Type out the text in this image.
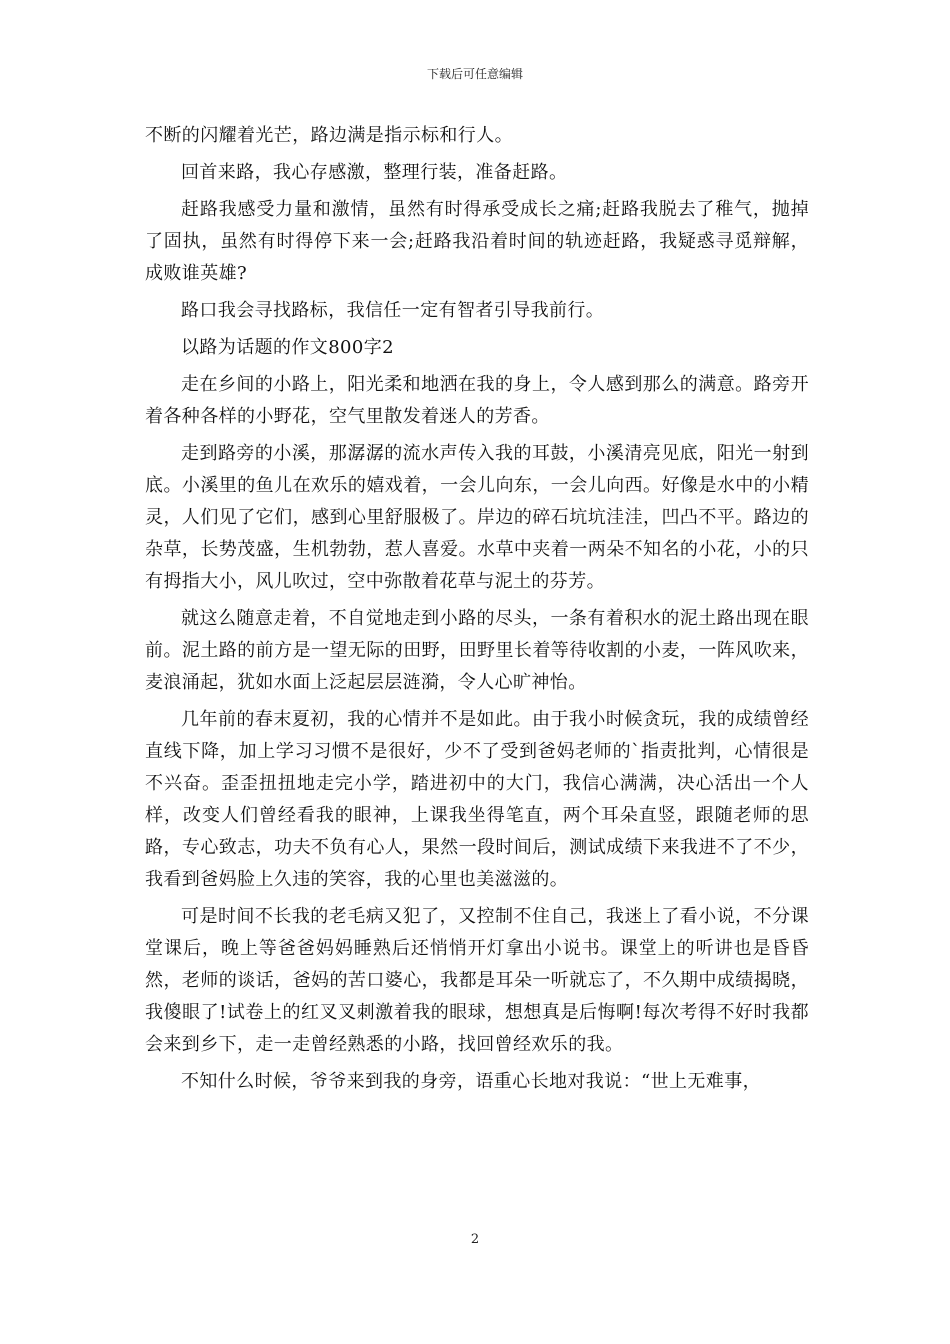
下载后可任意编辑

不断的闪耀着光芒，路边满是指示标和行人。

回首来路，我心存感激，整理行装，准备赶路。

赶路我感受力量和激情，虽然有时得承受成长之痛;赶路我脱去了稚气，抛掉了固执，虽然有时得停下来一会;赶路我沿着时间的轨迹赶路，我疑惑寻觅辩解，成败谁英雄?

路口我会寻找路标，我信任一定有智者引导我前行。

以路为话题的作文800字2

走在乡间的小路上，阳光柔和地洒在我的身上，令人感到那么的满意。路旁开着各种各样的小野花，空气里散发着迷人的芳香。

走到路旁的小溪，那潺潺的流水声传入我的耳鼓，小溪清亮见底，阳光一射到底。小溪里的鱼儿在欢乐的嬉戏着，一会儿向东，一会儿向西。好像是水中的小精灵，人们见了它们，感到心里舒服极了。岸边的碎石坑坑洼洼，凹凸不平。路边的杂草，长势茂盛，生机勃勃，惹人喜爱。水草中夹着一两朵不知名的小花，小的只有拇指大小，风儿吹过，空中弥散着花草与泥土的芬芳。

就这么随意走着，不自觉地走到小路的尽头，一条有着积水的泥土路出现在眼前。泥土路的前方是一望无际的田野，田野里长着等待收割的小麦，一阵风吹来，麦浪涌起，犹如水面上泛起层层涟漪，令人心旷神怡。

几年前的春末夏初，我的心情并不是如此。由于我小时候贪玩，我的成绩曾经直线下降，加上学习习惯不是很好，少不了受到爸妈老师的`指责批判，心情很是不兴奋。歪歪扭扭地走完小学，踏进初中的大门，我信心满满，决心活出一个人样，改变人们曾经看我的眼神，上课我坐得笔直，两个耳朵直竖，跟随老师的思路，专心致志，功夫不负有心人，果然一段时间后，测试成绩下来我进不了不少，我看到爸妈脸上久违的笑容，我的心里也美滋滋的。

可是时间不长我的老毛病又犯了，又控制不住自己，我迷上了看小说，不分课堂课后，晚上等爸爸妈妈睡熟后还悄悄开灯拿出小说书。课堂上的听讲也是昏昏然，老师的谈话，爸妈的苦口婆心，我都是耳朵一听就忘了，不久期中成绩揭晓，我傻眼了!试卷上的红叉叉刺激着我的眼球，想想真是后悔啊!每次考得不好时我都会来到乡下，走一走曾经熟悉的小路，找回曾经欢乐的我。

不知什么时候，爷爷来到我的身旁，语重心长地对我说：“世上无难事，

2
